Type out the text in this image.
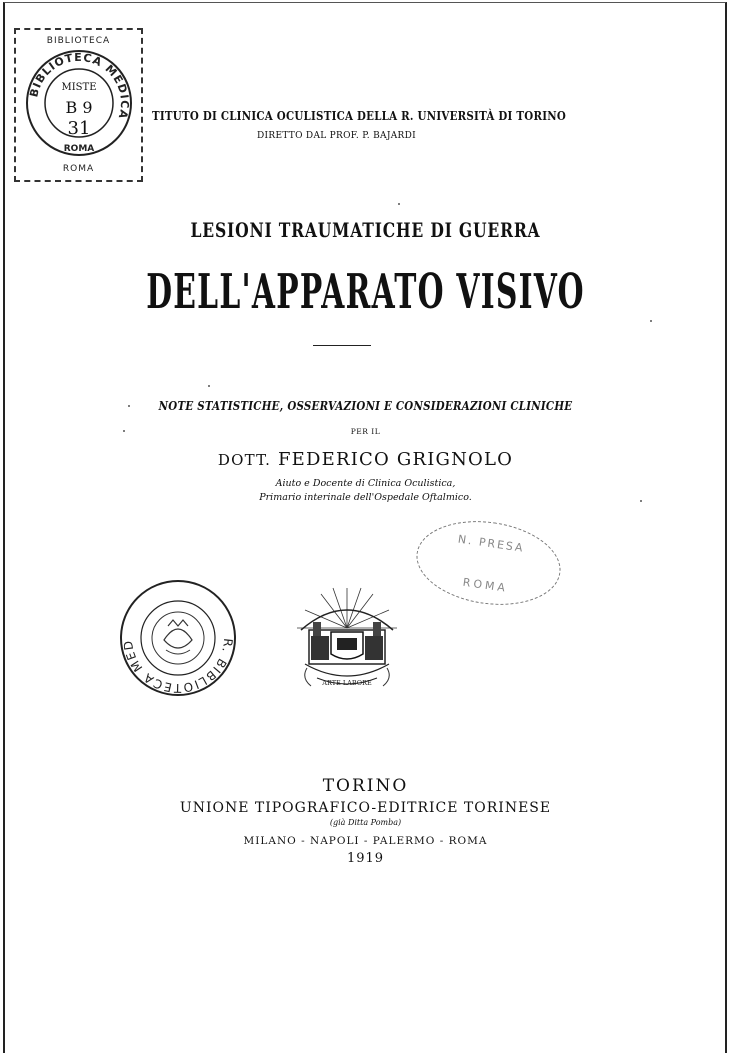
BIBLIOTECA
BIBLIOTECA MEDICA
ROMA
MISTE
B 9
31
ROMA
TITUTO DI CLINICA OCULISTICA DELLA R. UNIVERSITÀ DI TORINO
DIRETTO DAL PROF. P. BAJARDI
LESIONI TRAUMATICHE DI GUERRA
DELL'APPARATO VISIVO
NOTE STATISTICHE, OSSERVAZIONI E CONSIDERAZIONI CLINICHE
PER IL
DOTT. FEDERICO GRIGNOLO
Aiuto e Docente di Clinica Oculistica,
Primario interinale dell'Ospedale Oftalmico.
N. PRESA
ROMA
R. BIBLIOTECA MED
ARTE LABORE
TORINO
UNIONE TIPOGRAFICO-EDITRICE TORINESE
(già Ditta Pomba)
MILANO - NAPOLI - PALERMO - ROMA
1919
